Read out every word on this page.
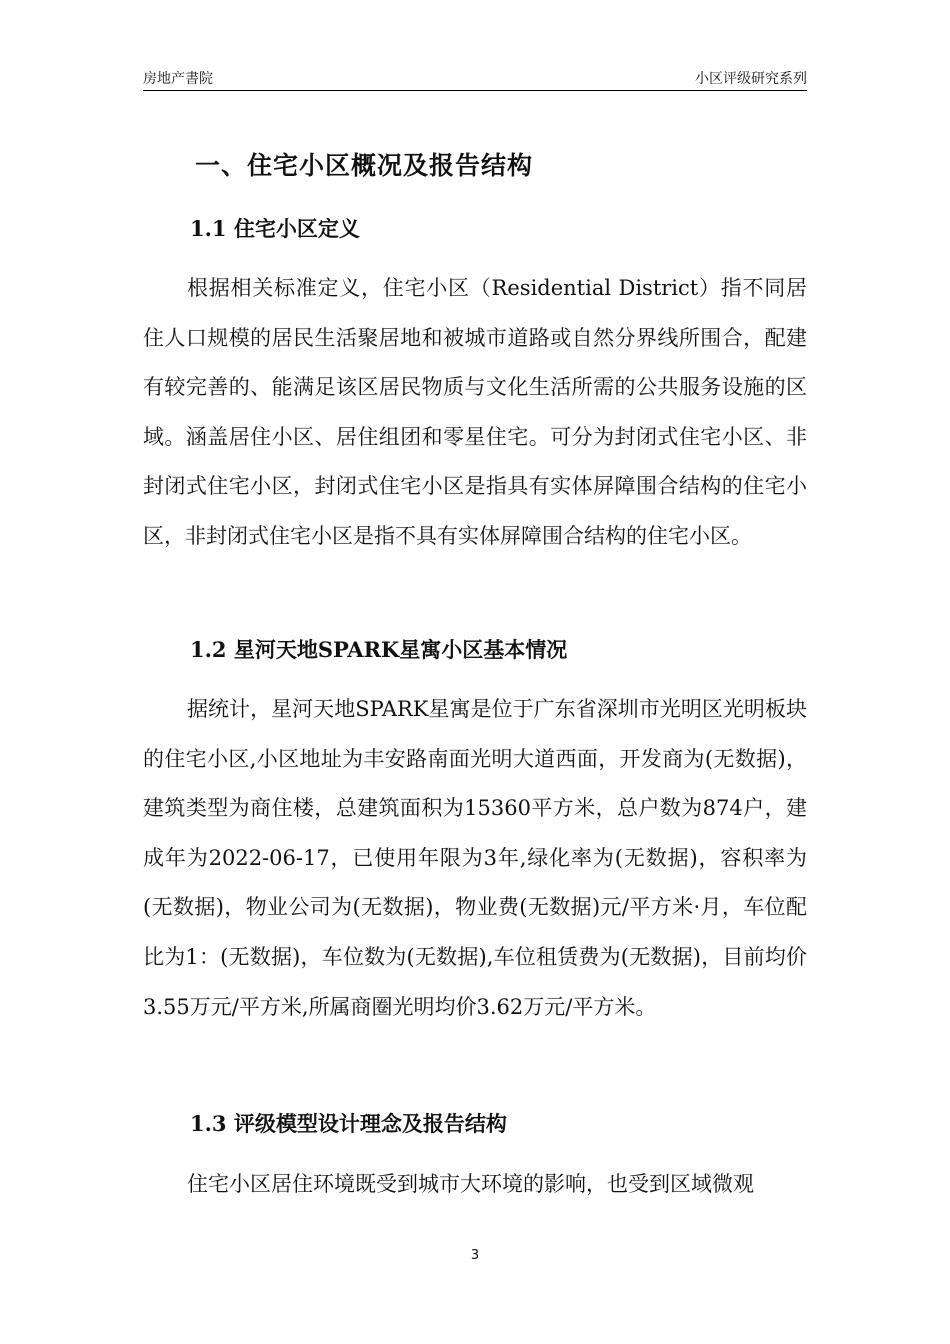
房地产書院	小区评级研究系列
一、住宅小区概况及报告结构
1.1 住宅小区定义
根据相关标准定义，住宅小区（Residential District）指不同居住人口规模的居民生活聚居地和被城市道路或自然分界线所围合，配建有较完善的、能满足该区居民物质与文化生活所需的公共服务设施的区域。涵盖居住小区、居住组团和零星住宅。可分为封闭式住宅小区、非封闭式住宅小区，封闭式住宅小区是指具有实体屏障围合结构的住宅小区，非封闭式住宅小区是指不具有实体屏障围合结构的住宅小区。
1.2 星河天地SPARK星寓小区基本情况
据统计，星河天地SPARK星寓是位于广东省深圳市光明区光明板块的住宅小区,小区地址为丰安路南面光明大道西面，开发商为(无数据)，建筑类型为商住楼，总建筑面积为15360平方米，总户数为874户，建成年为2022-06-17，已使用年限为3年,绿化率为(无数据)，容积率为(无数据)，物业公司为(无数据)，物业费(无数据)元/平方米·月，车位配比为1：(无数据)，车位数为(无数据),车位租赁费为(无数据)，目前均价3.55万元/平方米,所属商圈光明均价3.62万元/平方米。
1.3 评级模型设计理念及报告结构
住宅小区居住环境既受到城市大环境的影响，也受到区域微观
3
